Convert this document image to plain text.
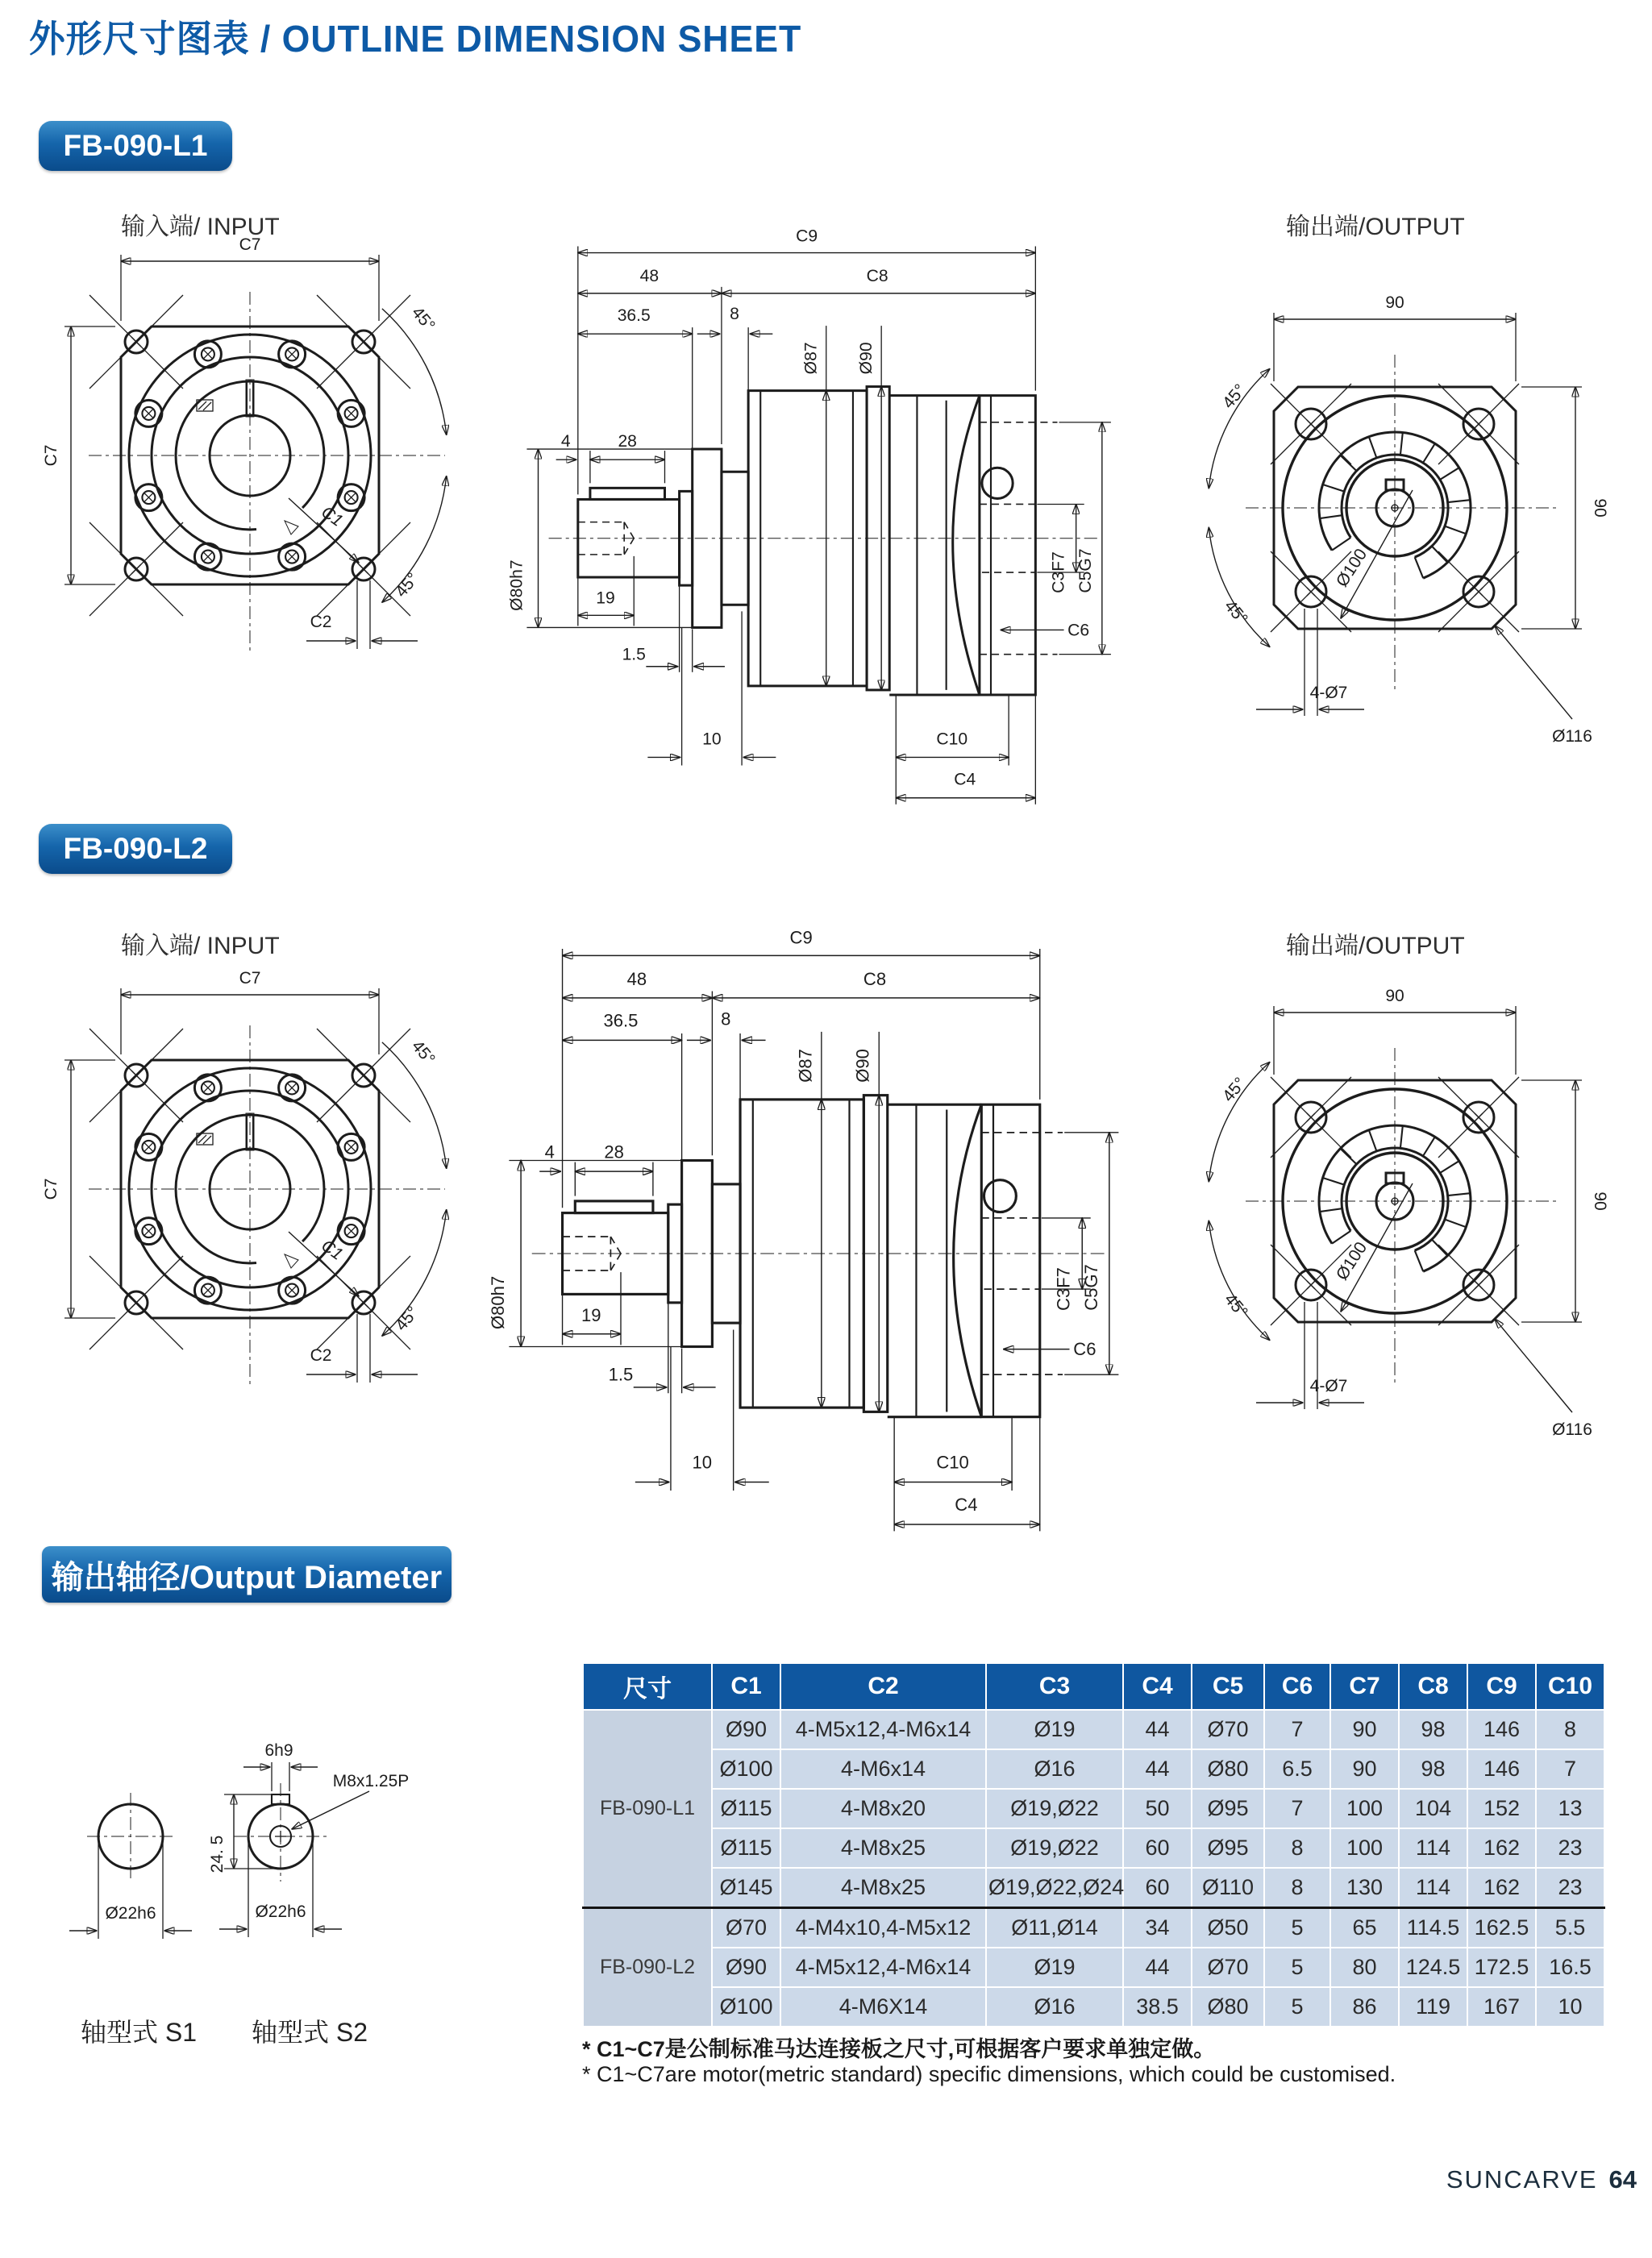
外形尺寸图表 / OUTLINE DIMENSION SHEET
FB-090-L1
输入端/ INPUT	输出端/OUTPUT
C7
C7
45°
45°
C1
C2
C9
48	C8
36.5	8
Ø87 Ø90
4	28
Ø80h7	19
1.5
10	C10
C4
C3F7 C5G7
C6
90
90
45°
45°
4-Ø7
Ø116
Ø100
FB-090-L2
输入端/ INPUT	输出端/OUTPUT
C7
C7
45°
45°
C1
C2
C9
48	C8
36.5	8
Ø87 Ø90
4	28
Ø80h7	19
1.5
10	C10
C4
C3F7 C5G7
C6
90
90
45°
45°
4-Ø7
Ø116
Ø100
输出轴径/Output Diameter
Ø22h6
6h9
24. 5
M8x1.25P
Ø22h6
轴型式 S1 轴型式 S2
尺寸	C1	C2	C3	C4	C5	C6	C7	C8	C9	C10
FB-090-L1	Ø90	4-M5x12,4-M6x14	Ø19	44	Ø70	7	90	98	146	8
	Ø100	4-M6x14	Ø16	44	Ø80	6.5	90	98	146	7
	Ø115	4-M8x20	Ø19,Ø22	50	Ø95	7	100	104	152	13
	Ø115	4-M8x25	Ø19,Ø22	60	Ø95	8	100	114	162	23
	Ø145	4-M8x25	Ø19,Ø22,Ø24	60	Ø110	8	130	114	162	23
FB-090-L2	Ø70	4-M4x10,4-M5x12	Ø11,Ø14	34	Ø50	5	65	114.5	162.5	5.5
	Ø90	4-M5x12,4-M6x14	Ø19	44	Ø70	5	80	124.5	172.5	16.5
	Ø100	4-M6X14	Ø16	38.5	Ø80	5	86	119	167	10
* C1~C7是公制标准马达连接板之尺寸,可根据客户要求单独定做。
* C1~C7are motor(metric standard) specific dimensions, which could be customised.
SUNCARVE 64
